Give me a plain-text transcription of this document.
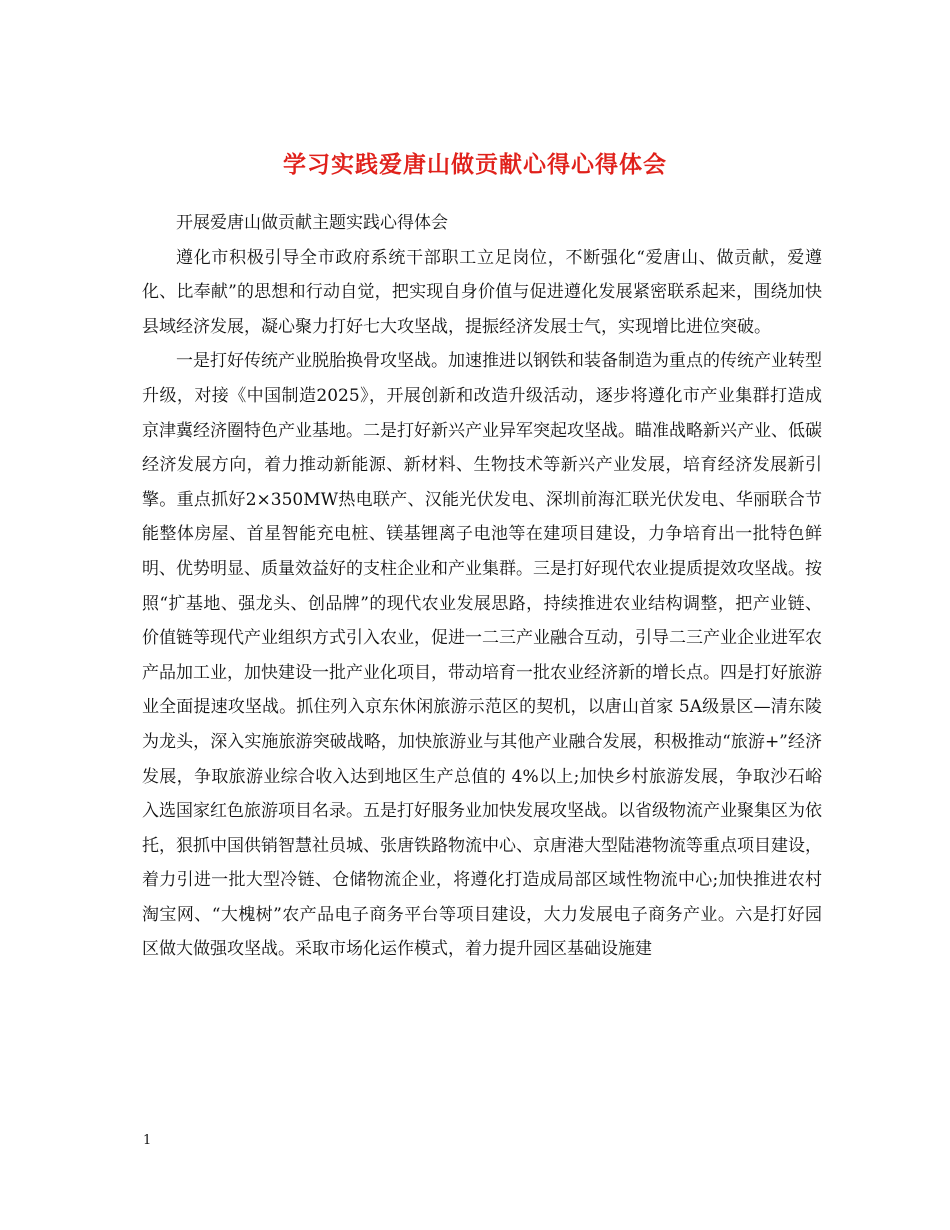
学习实践爱唐山做贡献心得心得体会

开展爱唐山做贡献主题实践心得体会

遵化市积极引导全市政府系统干部职工立足岗位，不断强化“爱唐山、做贡献，爱遵化、比奉献”的思想和行动自觉，把实现自身价值与促进遵化发展紧密联系起来，围绕加快县域经济发展，凝心聚力打好七大攻坚战，提振经济发展士气，实现增比进位突破。

一是打好传统产业脱胎换骨攻坚战。加速推进以钢铁和装备制造为重点的传统产业转型升级，对接《中国制造2025》，开展创新和改造升级活动，逐步将遵化市产业集群打造成京津冀经济圈特色产业基地。二是打好新兴产业异军突起攻坚战。瞄准战略新兴产业、低碳经济发展方向，着力推动新能源、新材料、生物技术等新兴产业发展，培育经济发展新引擎。重点抓好2×350MW热电联产、汉能光伏发电、深圳前海汇联光伏发电、华丽联合节能整体房屋、首星智能充电桩、镁基锂离子电池等在建项目建设，力争培育出一批特色鲜明、优势明显、质量效益好的支柱企业和产业集群。三是打好现代农业提质提效攻坚战。按照“扩基地、强龙头、创品牌”的现代农业发展思路，持续推进农业结构调整，把产业链、价值链等现代产业组织方式引入农业，促进一二三产业融合互动，引导二三产业企业进军农产品加工业，加快建设一批产业化项目，带动培育一批农业经济新的增长点。四是打好旅游业全面提速攻坚战。抓住列入京东休闲旅游示范区的契机，以唐山首家 5A级景区—清东陵为龙头，深入实施旅游突破战略，加快旅游业与其他产业融合发展，积极推动“旅游+”经济发展，争取旅游业综合收入达到地区生产总值的 4%以上;加快乡村旅游发展，争取沙石峪入选国家红色旅游项目名录。五是打好服务业加快发展攻坚战。以省级物流产业聚集区为依托，狠抓中国供销智慧社员城、张唐铁路物流中心、京唐港大型陆港物流等重点项目建设，着力引进一批大型冷链、仓储物流企业，将遵化打造成局部区域性物流中心;加快推进农村淘宝网、“大槐树”农产品电子商务平台等项目建设，大力发展电子商务产业。六是打好园区做大做强攻坚战。采取市场化运作模式，着力提升园区基础设施建

1
